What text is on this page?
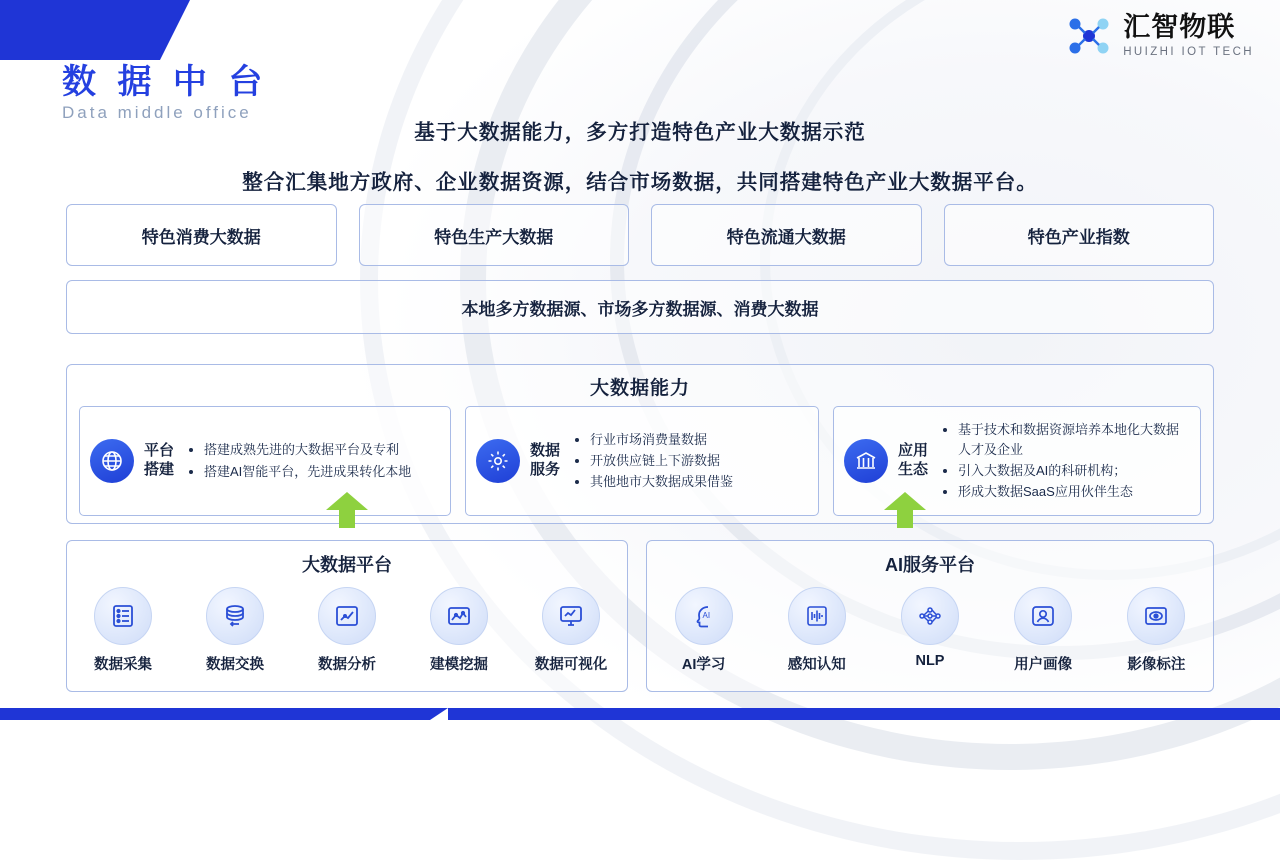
汇智物联
HUIZHI IOT TECH
数 据 中 台
Data middle office
基于大数据能力，多方打造特色产业大数据示范
整合汇集地方政府、企业数据资源，结合市场数据，共同搭建特色产业大数据平台。
特色消费大数据	特色生产大数据	特色流通大数据	特色产业指数
本地多方数据源、市场多方数据源、消费大数据
大数据能力
平台
搭建
• 搭建成熟先进的大数据平台及专利
• 搭建AI智能平台，先进成果转化本地
数据
服务
• 行业市场消费量数据
• 开放供应链上下游数据
• 其他地市大数据成果借鉴
应用
生态
• 基于技术和数据资源培养本地化大数据人才及企业
• 引入大数据及AI的科研机构；
• 形成大数据SaaS应用伙伴生态
大数据平台
数据采集	数据交换	数据分析	建模挖掘	数据可视化
AI服务平台
AI
AI学习	感知认知	NLP	用户画像	影像标注
